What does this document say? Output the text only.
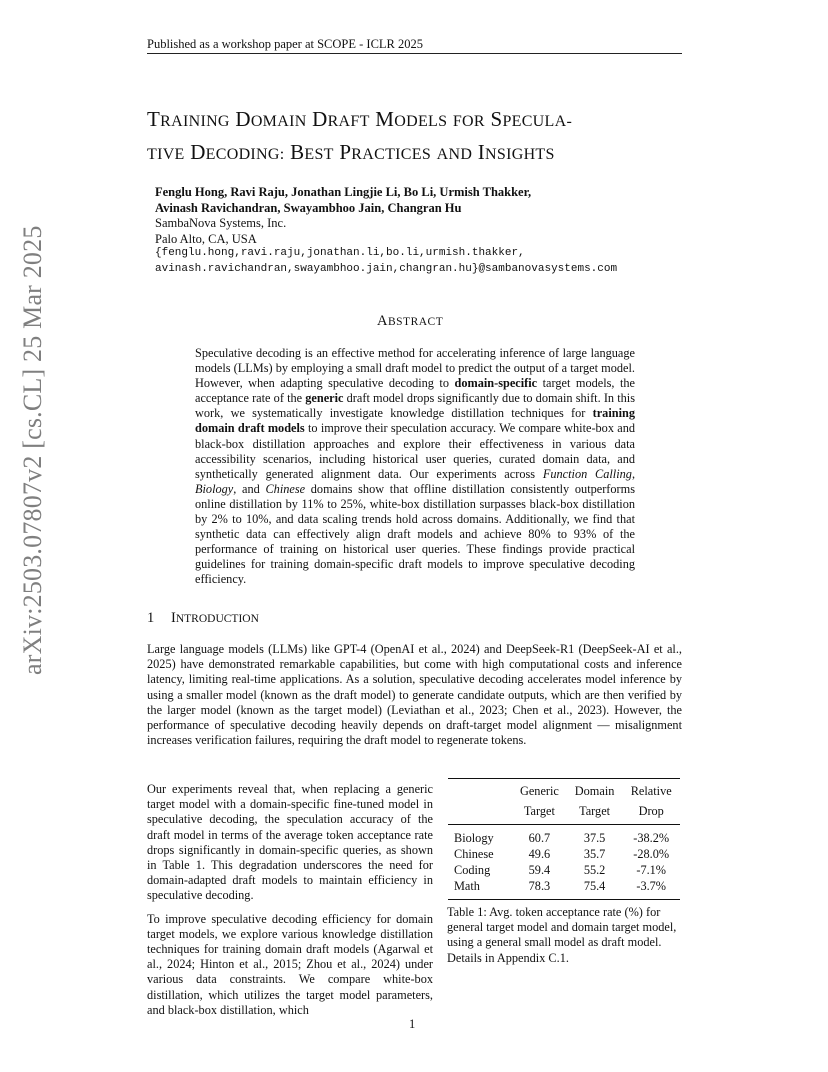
Published as a workshop paper at SCOPE - ICLR 2025
arXiv:2503.07807v2 [cs.CL] 25 Mar 2025
TRAINING DOMAIN DRAFT MODELS FOR SPECULA-
TIVE DECODING: BEST PRACTICES AND INSIGHTS
Fenglu Hong, Ravi Raju, Jonathan Lingjie Li, Bo Li, Urmish Thakker,
Avinash Ravichandran, Swayambhoo Jain, Changran Hu
SambaNova Systems, Inc.
Palo Alto, CA, USA
{fenglu.hong,ravi.raju,jonathan.li,bo.li,urmish.thakker,
avinash.ravichandran,swayambhoo.jain,changran.hu}@sambanovasystems.com
ABSTRACT
Speculative decoding is an effective method for accelerating inference of large language models (LLMs) by employing a small draft model to predict the output of a target model. However, when adapting speculative decoding to domain-specific target models, the acceptance rate of the generic draft model drops significantly due to domain shift. In this work, we systematically investigate knowledge distillation techniques for training domain draft models to improve their speculation accuracy. We compare white-box and black-box distillation approaches and explore their effectiveness in various data accessibility scenarios, including historical user queries, curated domain data, and synthetically generated alignment data. Our experiments across Function Calling, Biology, and Chinese domains show that offline distillation consistently outperforms online distillation by 11% to 25%, white-box distillation surpasses black-box distillation by 2% to 10%, and data scaling trends hold across domains. Additionally, we find that synthetic data can effectively align draft models and achieve 80% to 93% of the performance of training on historical user queries. These findings provide practical guidelines for training domain-specific draft models to improve speculative decoding efficiency.
1 INTRODUCTION
Large language models (LLMs) like GPT-4 (OpenAI et al., 2024) and DeepSeek-R1 (DeepSeek-AI et al., 2025) have demonstrated remarkable capabilities, but come with high computational costs and inference latency, limiting real-time applications. As a solution, speculative decoding accelerates model inference by using a smaller model (known as the draft model) to generate candidate outputs, which are then verified by the larger model (known as the target model) (Leviathan et al., 2023; Chen et al., 2023). However, the performance of speculative decoding heavily depends on draft-target model alignment — misalignment increases verification failures, requiring the draft model to regenerate tokens.

Our experiments reveal that, when replacing a generic target model with a domain-specific fine-tuned model in speculative decoding, the speculation accuracy of the draft model in terms of the average token acceptance rate drops significantly in domain-specific queries, as shown in Table 1. This degradation underscores the need for domain-adapted draft models to maintain efficiency in speculative decoding.

To improve speculative decoding efficiency for domain target models, we explore various knowledge distillation techniques for training domain draft models (Agarwal et al., 2024; Hinton et al., 2015; Zhou et al., 2024) under various data constraints. We compare white-box distillation, which utilizes the target model parameters, and black-box distillation, which

	Generic	Domain	Relative
	Target	Target	Drop
Biology	60.7	37.5	-38.2%
Chinese	49.6	35.7	-28.0%
Coding	59.4	55.2	-7.1%
Math	78.3	75.4	-3.7%
Table 1: Avg. token acceptance rate (%) for general target model and domain target model, using a general small model as draft model. Details in Appendix C.1.
1
